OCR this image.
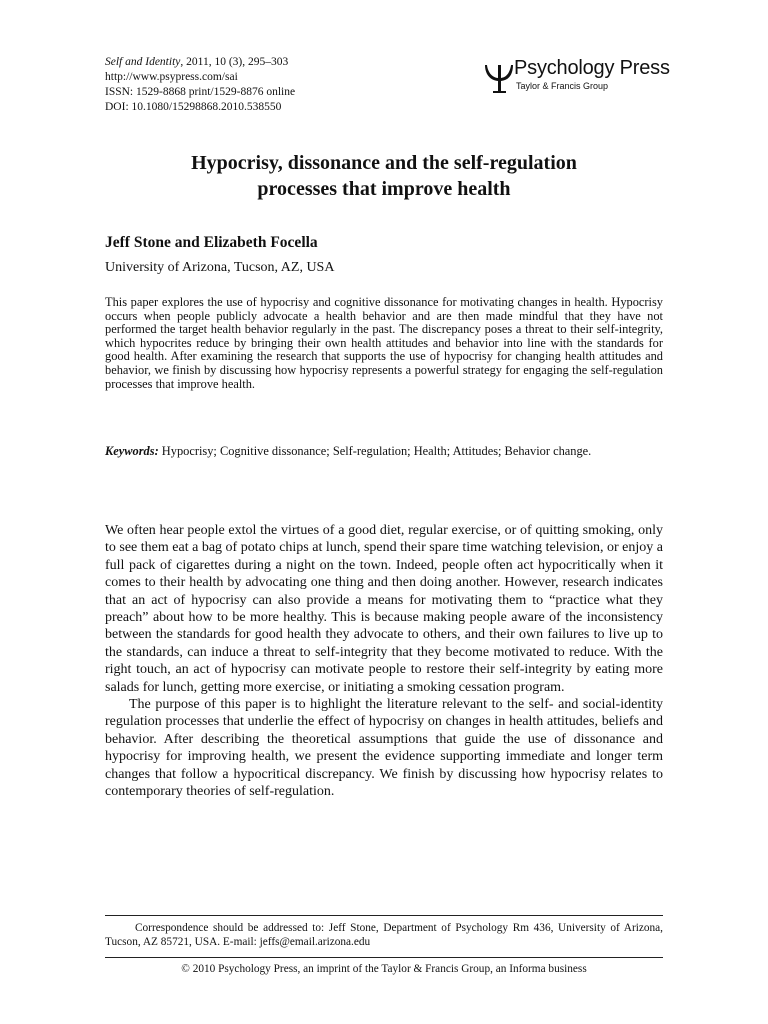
Self and Identity, 2011, 10 (3), 295–303
http://www.psypress.com/sai
ISSN: 1529-8868 print/1529-8876 online
DOI: 10.1080/15298868.2010.538550
Psychology Press
Taylor & Francis Group
Hypocrisy, dissonance and the self-regulation
processes that improve health
Jeff Stone and Elizabeth Focella
University of Arizona, Tucson, AZ, USA
This paper explores the use of hypocrisy and cognitive dissonance for motivating changes in health. Hypocrisy occurs when people publicly advocate a health behavior and are then made mindful that they have not performed the target health behavior regularly in the past. The discrepancy poses a threat to their self-integrity, which hypocrites reduce by bringing their own health attitudes and behavior into line with the standards for good health. After examining the research that supports the use of hypocrisy for changing health attitudes and behavior, we finish by discussing how hypocrisy represents a powerful strategy for engaging the self-regulation processes that improve health.
Keywords: Hypocrisy; Cognitive dissonance; Self-regulation; Health; Attitudes; Behavior change.

We often hear people extol the virtues of a good diet, regular exercise, or of quitting smoking, only to see them eat a bag of potato chips at lunch, spend their spare time watching television, or enjoy a full pack of cigarettes during a night on the town. Indeed, people often act hypocritically when it comes to their health by advocating one thing and then doing another. However, research indicates that an act of hypocrisy can also provide a means for motivating them to “practice what they preach” about how to be more healthy. This is because making people aware of the inconsistency between the standards for good health they advocate to others, and their own failures to live up to the standards, can induce a threat to self-integrity that they become motivated to reduce. With the right touch, an act of hypocrisy can motivate people to restore their self-integrity by eating more salads for lunch, getting more exercise, or initiating a smoking cessation program.

The purpose of this paper is to highlight the literature relevant to the self- and social-identity regulation processes that underlie the effect of hypocrisy on changes in health attitudes, beliefs and behavior. After describing the theoretical assumptions that guide the use of dissonance and hypocrisy for improving health, we present the evidence supporting immediate and longer term changes that follow a hypocritical discrepancy. We finish by discussing how hypocrisy relates to contemporary theories of self-regulation.

Correspondence should be addressed to: Jeff Stone, Department of Psychology Rm 436, University of Arizona, Tucson, AZ 85721, USA. E-mail: jeffs@email.arizona.edu
© 2010 Psychology Press, an imprint of the Taylor & Francis Group, an Informa business
